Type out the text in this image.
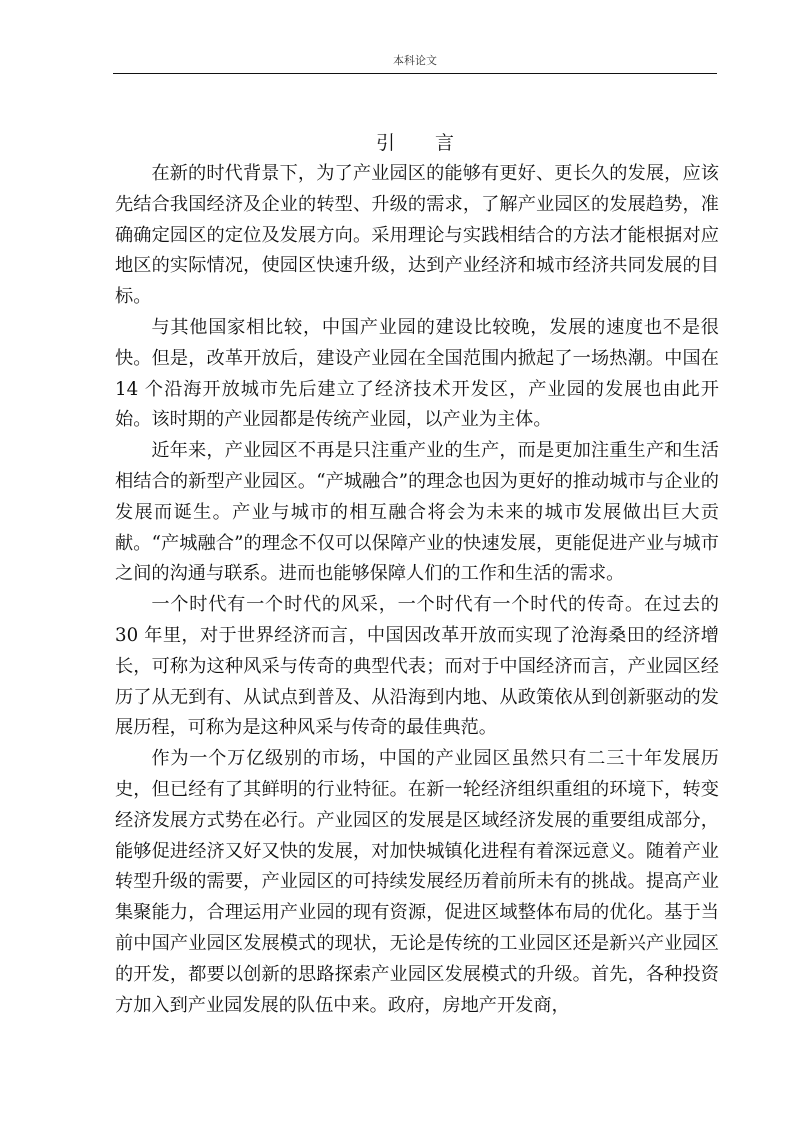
本科论文
引言

在新的时代背景下，为了产业园区的能够有更好、更长久的发展，应该先结合我国经济及企业的转型、升级的需求，了解产业园区的发展趋势，准确确定园区的定位及发展方向。采用理论与实践相结合的方法才能根据对应地区的实际情况，使园区快速升级，达到产业经济和城市经济共同发展的目标。

与其他国家相比较，中国产业园的建设比较晚，发展的速度也不是很快。但是，改革开放后，建设产业园在全国范围内掀起了一场热潮。中国在 14 个沿海开放城市先后建立了经济技术开发区，产业园的发展也由此开始。该时期的产业园都是传统产业园，以产业为主体。

近年来，产业园区不再是只注重产业的生产，而是更加注重生产和生活相结合的新型产业园区。“产城融合”的理念也因为更好的推动城市与企业的发展而诞生。产业与城市的相互融合将会为未来的城市发展做出巨大贡献。“产城融合”的理念不仅可以保障产业的快速发展，更能促进产业与城市之间的沟通与联系。进而也能够保障人们的工作和生活的需求。

一个时代有一个时代的风采，一个时代有一个时代的传奇。在过去的 30 年里，对于世界经济而言，中国因改革开放而实现了沧海桑田的经济增长，可称为这种风采与传奇的典型代表；而对于中国经济而言，产业园区经历了从无到有、从试点到普及、从沿海到内地、从政策依从到创新驱动的发展历程，可称为是这种风采与传奇的最佳典范。

作为一个万亿级别的市场，中国的产业园区虽然只有二三十年发展历史，但已经有了其鲜明的行业特征。在新一轮经济组织重组的环境下，转变经济发展方式势在必行。产业园区的发展是区域经济发展的重要组成部分，能够促进经济又好又快的发展，对加快城镇化进程有着深远意义。随着产业转型升级的需要，产业园区的可持续发展经历着前所未有的挑战。提高产业集聚能力，合理运用产业园的现有资源，促进区域整体布局的优化。基于当前中国产业园区发展模式的现状，无论是传统的工业园区还是新兴产业园区的开发，都要以创新的思路探索产业园区发展模式的升级。首先，各种投资方加入到产业园发展的队伍中来。政府，房地产开发商，
